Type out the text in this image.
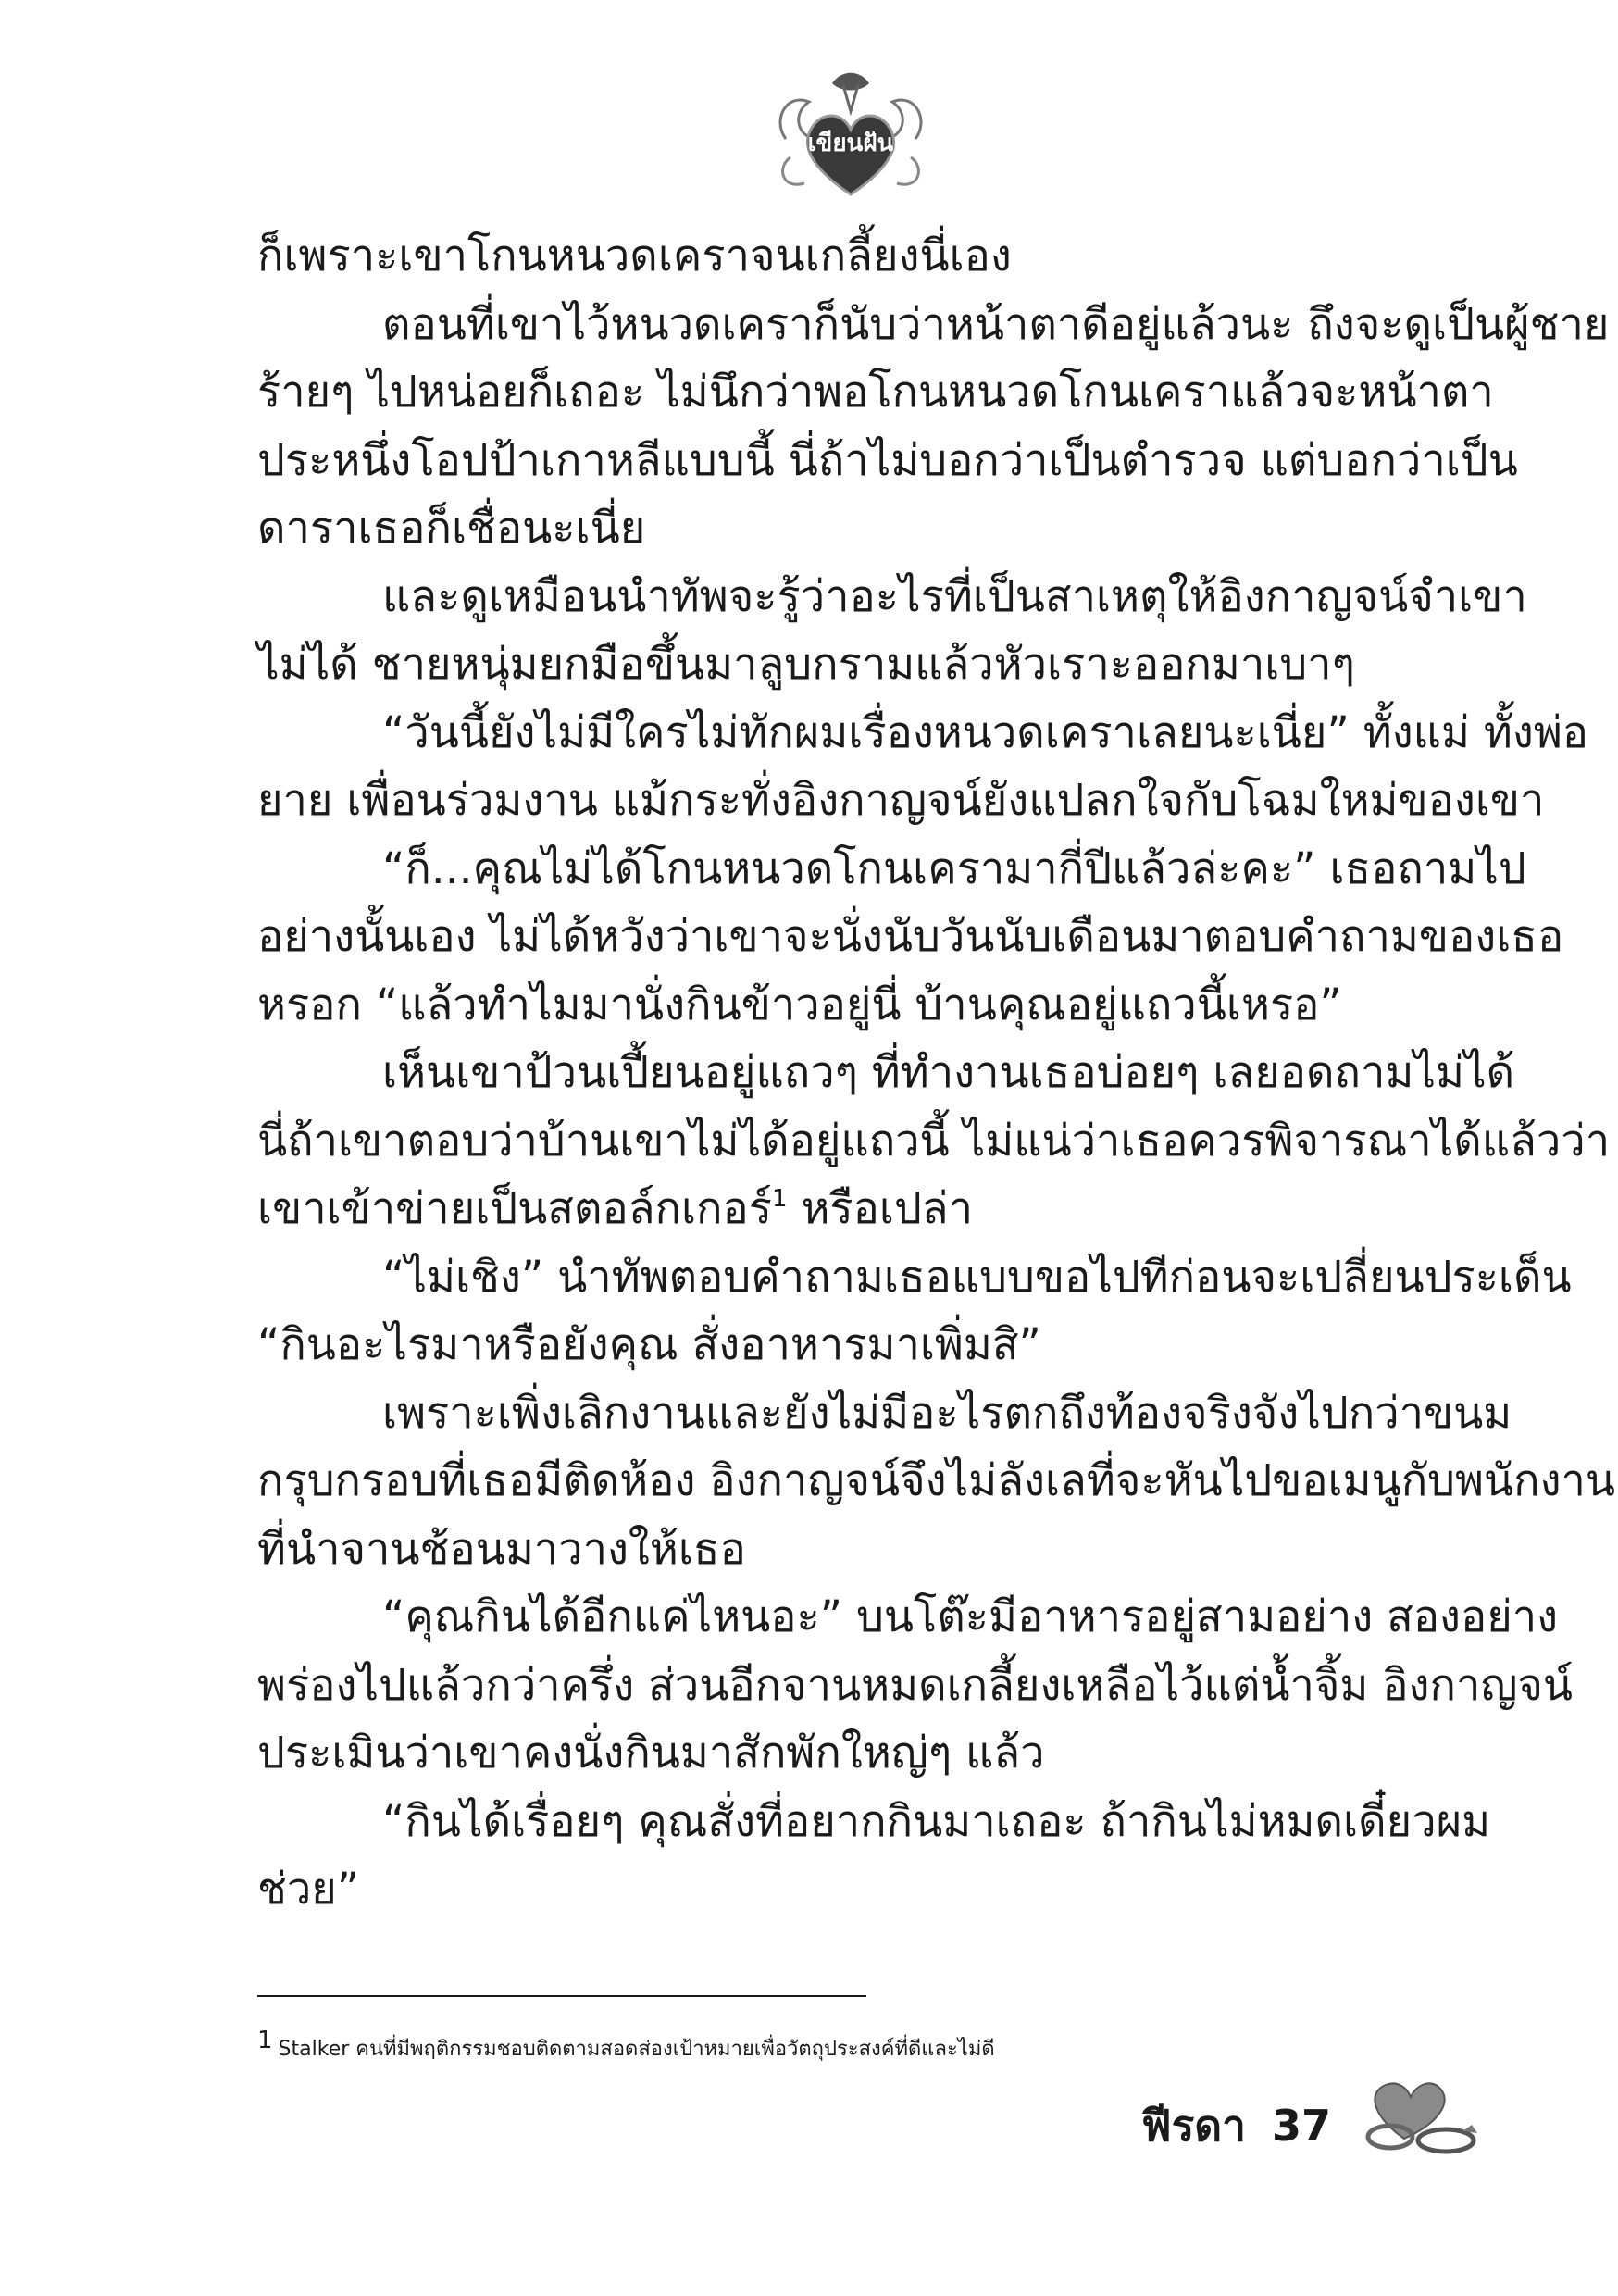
เขียนฝัน
ก็เพราะเขาโกนหนวดเคราจนเกลี้ยงนี่เอง
ตอนที่เขาไว้หนวดเคราก็นับว่าหน้าตาดีอยู่แล้วนะ ถึงจะดูเป็นผู้ชาย
ร้ายๆ ไปหน่อยก็เถอะ ไม่นึกว่าพอโกนหนวดโกนเคราแล้วจะหน้าตา
ประหนึ่งโอปป้าเกาหลีแบบนี้ นี่ถ้าไม่บอกว่าเป็นตำรวจ แต่บอกว่าเป็น
ดาราเธอก็เชื่อนะเนี่ย
และดูเหมือนนำทัพจะรู้ว่าอะไรที่เป็นสาเหตุให้อิงกาญจน์จำเขา
ไม่ได้ ชายหนุ่มยกมือขึ้นมาลูบกรามแล้วหัวเราะออกมาเบาๆ
“วันนี้ยังไม่มีใครไม่ทักผมเรื่องหนวดเคราเลยนะเนี่ย” ทั้งแม่ ทั้งพ่อ
ยาย เพื่อนร่วมงาน แม้กระทั่งอิงกาญจน์ยังแปลกใจกับโฉมใหม่ของเขา
“ก็...คุณไม่ได้โกนหนวดโกนเครามากี่ปีแล้วล่ะคะ” เธอถามไป
อย่างนั้นเอง ไม่ได้หวังว่าเขาจะนั่งนับวันนับเดือนมาตอบคำถามของเธอ
หรอก “แล้วทำไมมานั่งกินข้าวอยู่นี่ บ้านคุณอยู่แถวนี้เหรอ”
เห็นเขาป้วนเปี้ยนอยู่แถวๆ ที่ทำงานเธอบ่อยๆ เลยอดถามไม่ได้
นี่ถ้าเขาตอบว่าบ้านเขาไม่ได้อยู่แถวนี้ ไม่แน่ว่าเธอควรพิจารณาได้แล้วว่า
เขาเข้าข่ายเป็นสตอล์กเกอร์$^1$ หรือเปล่า
“ไม่เชิง” นำทัพตอบคำถามเธอแบบขอไปทีก่อนจะเปลี่ยนประเด็น
“กินอะไรมาหรือยังคุณ สั่งอาหารมาเพิ่มสิ”
เพราะเพิ่งเลิกงานและยังไม่มีอะไรตกถึงท้องจริงจังไปกว่าขนม
กรุบกรอบที่เธอมีติดห้อง อิงกาญจน์จึงไม่ลังเลที่จะหันไปขอเมนูกับพนักงาน
ที่นำจานช้อนมาวางให้เธอ
“คุณกินได้อีกแค่ไหนอะ” บนโต๊ะมีอาหารอยู่สามอย่าง สองอย่าง
พร่องไปแล้วกว่าครึ่ง ส่วนอีกจานหมดเกลี้ยงเหลือไว้แต่น้ำจิ้ม อิงกาญจน์
ประเมินว่าเขาคงนั่งกินมาสักพักใหญ่ๆ แล้ว
“กินได้เรื่อยๆ คุณสั่งที่อยากกินมาเถอะ ถ้ากินไม่หมดเดี๋ยวผม
ช่วย”
1 Stalker คนที่มีพฤติกรรมชอบติดตามสอดส่องเป้าหมายเพื่อวัตถุประสงค์ที่ดีและไม่ดี
ฟีรดา 37
